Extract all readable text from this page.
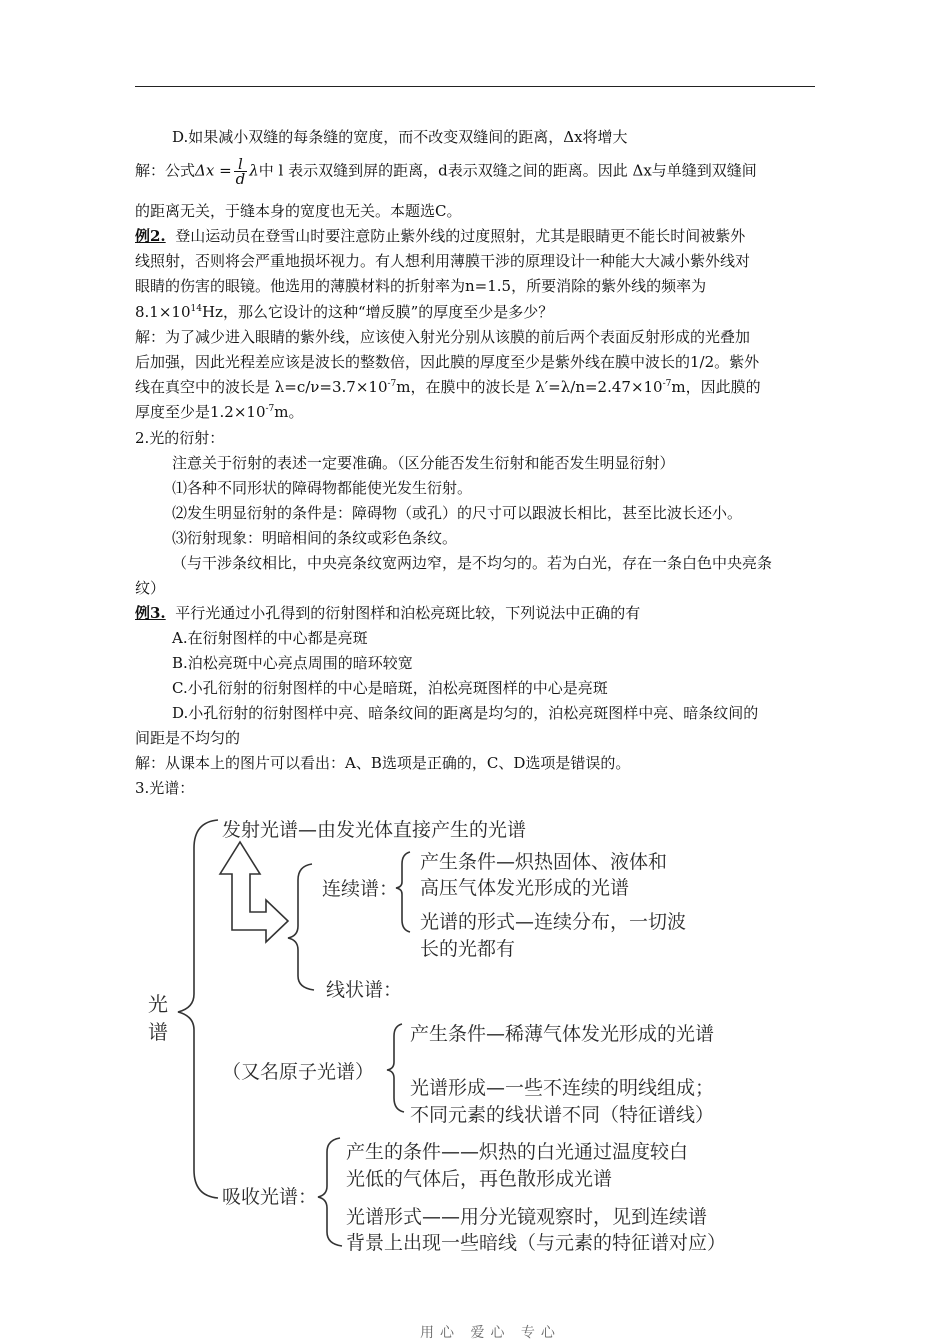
D.如果减小双缝的每条缝的宽度，而不改变双缝间的距离，Δx将增大
解：公式$\Delta x = \frac{l}{d}$ λ中 l 表示双缝到屏的距离，d表示双缝之间的距离。因此 Δx与单缝到双缝间
的距离无关，于缝本身的宽度也无关。本题选C。
例2. 登山运动员在登雪山时要注意防止紫外线的过度照射，尤其是眼睛更不能长时间被紫外
线照射，否则将会严重地损坏视力。有人想利用薄膜干涉的原理设计一种能大大减小紫外线对
眼睛的伤害的眼镜。他选用的薄膜材料的折射率为n=1.5，所要消除的紫外线的频率为
$8.1\times 10^{14}Hz$，那么它设计的这种“增反膜”的厚度至少是多少？
解：为了减少进入眼睛的紫外线，应该使入射光分别从该膜的前后两个表面反射形成的光叠加
后加强，因此光程差应该是波长的整数倍，因此膜的厚度至少是紫外线在膜中波长的1/2。紫外
线在真空中的波长是 $\lambda=c/\nu=3.7\times 10^{-7}m$，在膜中的波长是 $\lambda'=\lambda/n=2.47\times 10^{-7}m$，因此膜的
厚度至少是$1.2\times 10^{-7}m$。
2.光的衍射：
注意关于衍射的表述一定要准确。（区分能否发生衍射和能否发生明显衍射）
⑴各种不同形状的障碍物都能使光发生衍射。
⑵发生明显衍射的条件是：障碍物（或孔）的尺寸可以跟波长相比，甚至比波长还小。
⑶衍射现象：明暗相间的条纹或彩色条纹。
（与干涉条纹相比，中央亮条纹宽两边窄，是不均匀的。若为白光，存在一条白色中央亮条
纹）
例3. 平行光通过小孔得到的衍射图样和泊松亮斑比较，下列说法中正确的有
A.在衍射图样的中心都是亮斑
B.泊松亮斑中心亮点周围的暗环较宽
C.小孔衍射的衍射图样的中心是暗斑，泊松亮斑图样的中心是亮斑
D.小孔衍射的衍射图样中亮、暗条纹间的距离是均匀的，泊松亮斑图样中亮、暗条纹间的
间距是不均匀的
解：从课本上的图片可以看出：A、B选项是正确的，C、D选项是错误的。
3.光谱：
光谱
发射光谱—由发光体直接产生的光谱
连续谱：
产生条件—炽热固体、液体和
高压气体发光形成的光谱
光谱的形式—连续分布，一切波
长的光都有
线状谱：
（又名原子光谱）
产生条件—稀薄气体发光形成的光谱
光谱形成—一些不连续的明线组成；
不同元素的线状谱不同（特征谱线）
吸收光谱：
产生的条件——炽热的白光通过温度较白
光低的气体后，再色散形成光谱
光谱形式——用分光镜观察时，见到连续谱
背景上出现一些暗线（与元素的特征谱对应）
用心 爱心 专心
